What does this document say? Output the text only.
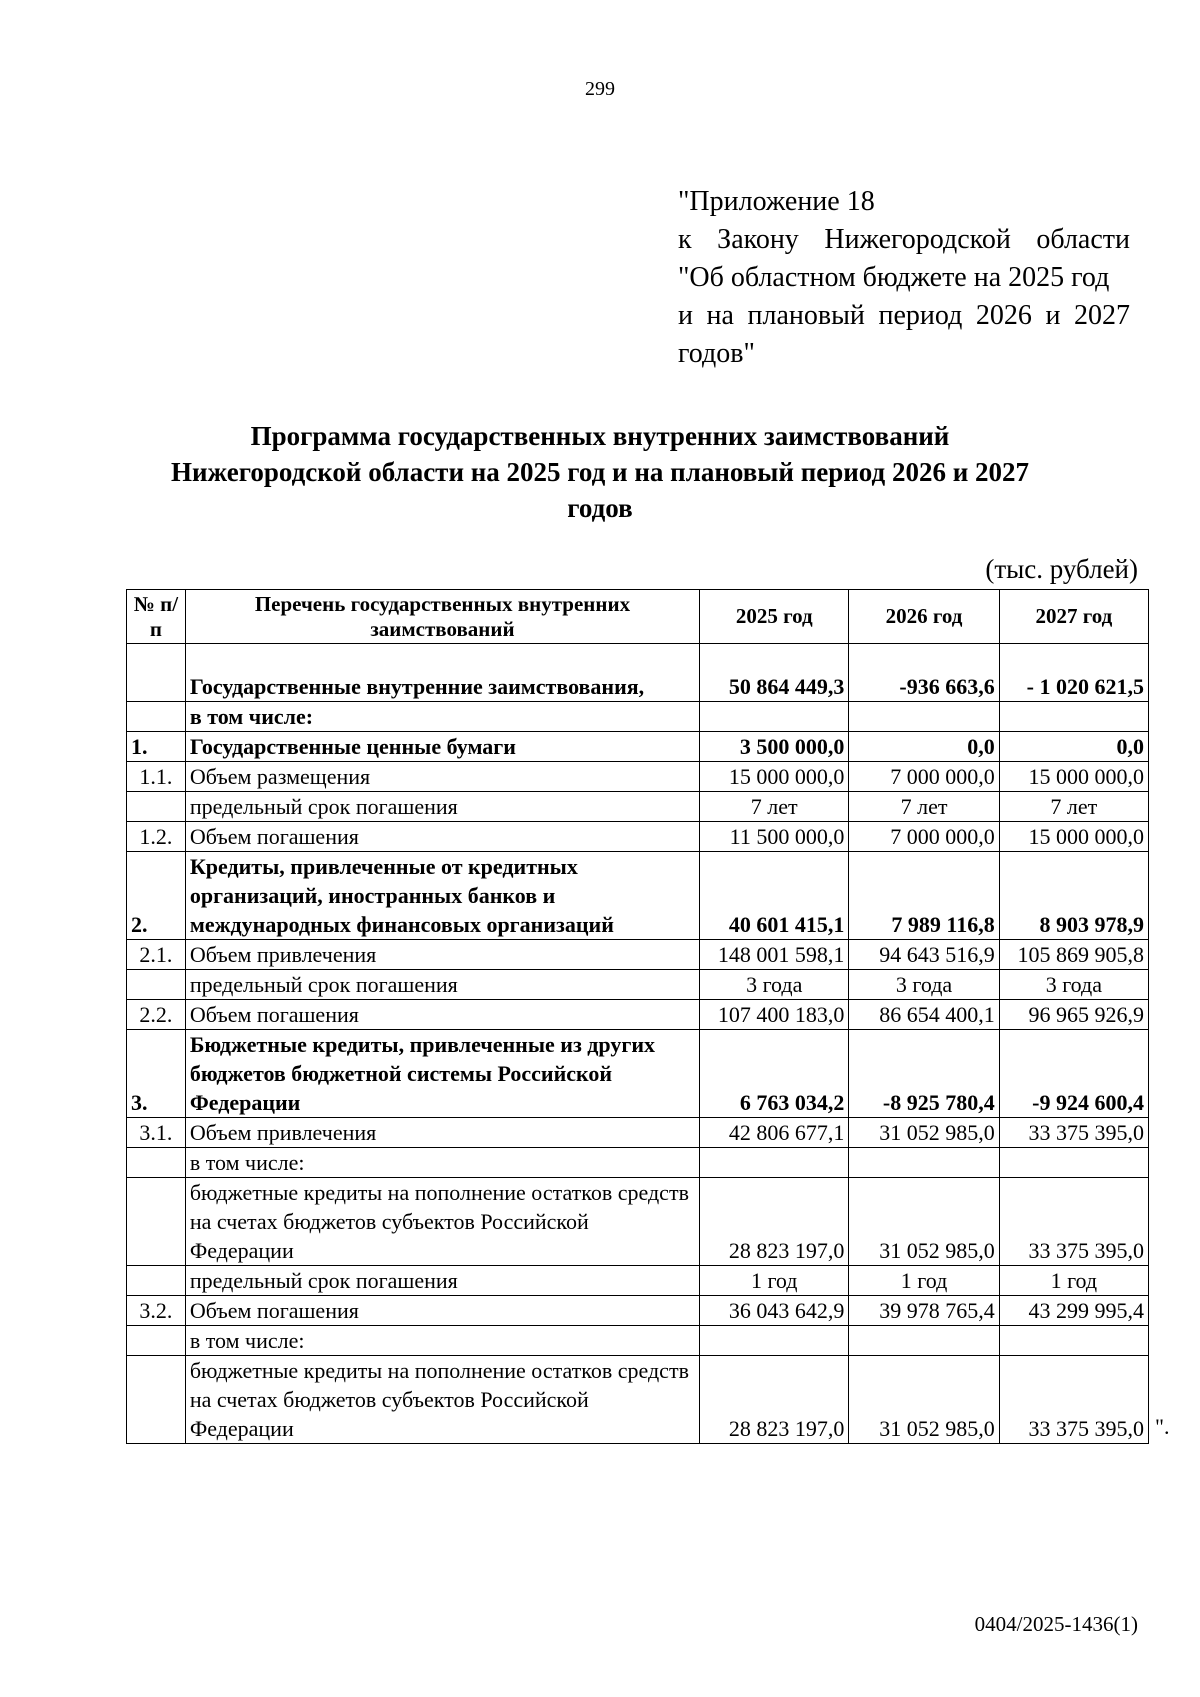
299
"Приложение 18
к Закону Нижегородской области
"Об областном бюджете на 2025 год
и на плановый период 2026 и 2027
годов"
Программа государственных внутренних заимствований
Нижегородской области на 2025 год и на плановый период 2026 и 2027
годов
(тыс. рублей)
№ п/п	Перечень государственных внутренних заимствований	2025 год	2026 год	2027 год
	Государственные внутренние заимствования,	50 864 449,3	-936 663,6	- 1 020 621,5
	в том числе:			
1.	Государственные ценные бумаги	3 500 000,0	0,0	0,0
1.1.	Объем размещения	15 000 000,0	7 000 000,0	15 000 000,0
	предельный срок погашения	7 лет	7 лет	7 лет
1.2.	Объем погашения	11 500 000,0	7 000 000,0	15 000 000,0
2.	Кредиты, привлеченные от кредитных организаций, иностранных банков и международных финансовых организаций	40 601 415,1	7 989 116,8	8 903 978,9
2.1.	Объем привлечения	148 001 598,1	94 643 516,9	105 869 905,8
	предельный срок погашения	3 года	3 года	3 года
2.2.	Объем погашения	107 400 183,0	86 654 400,1	96 965 926,9
3.	Бюджетные кредиты, привлеченные из других бюджетов бюджетной системы Российской Федерации	6 763 034,2	-8 925 780,4	-9 924 600,4
3.1.	Объем привлечения	42 806 677,1	31 052 985,0	33 375 395,0
	в том числе:			
	бюджетные кредиты на пополнение остатков средств на счетах бюджетов субъектов Российской Федерации	28 823 197,0	31 052 985,0	33 375 395,0
	предельный срок погашения	1 год	1 год	1 год
3.2.	Объем погашения	36 043 642,9	39 978 765,4	43 299 995,4
	в том числе:			
	бюджетные кредиты на пополнение остатков средств на счетах бюджетов субъектов Российской Федерации	28 823 197,0	31 052 985,0	33 375 395,0 ".
0404/2025-1436(1)
